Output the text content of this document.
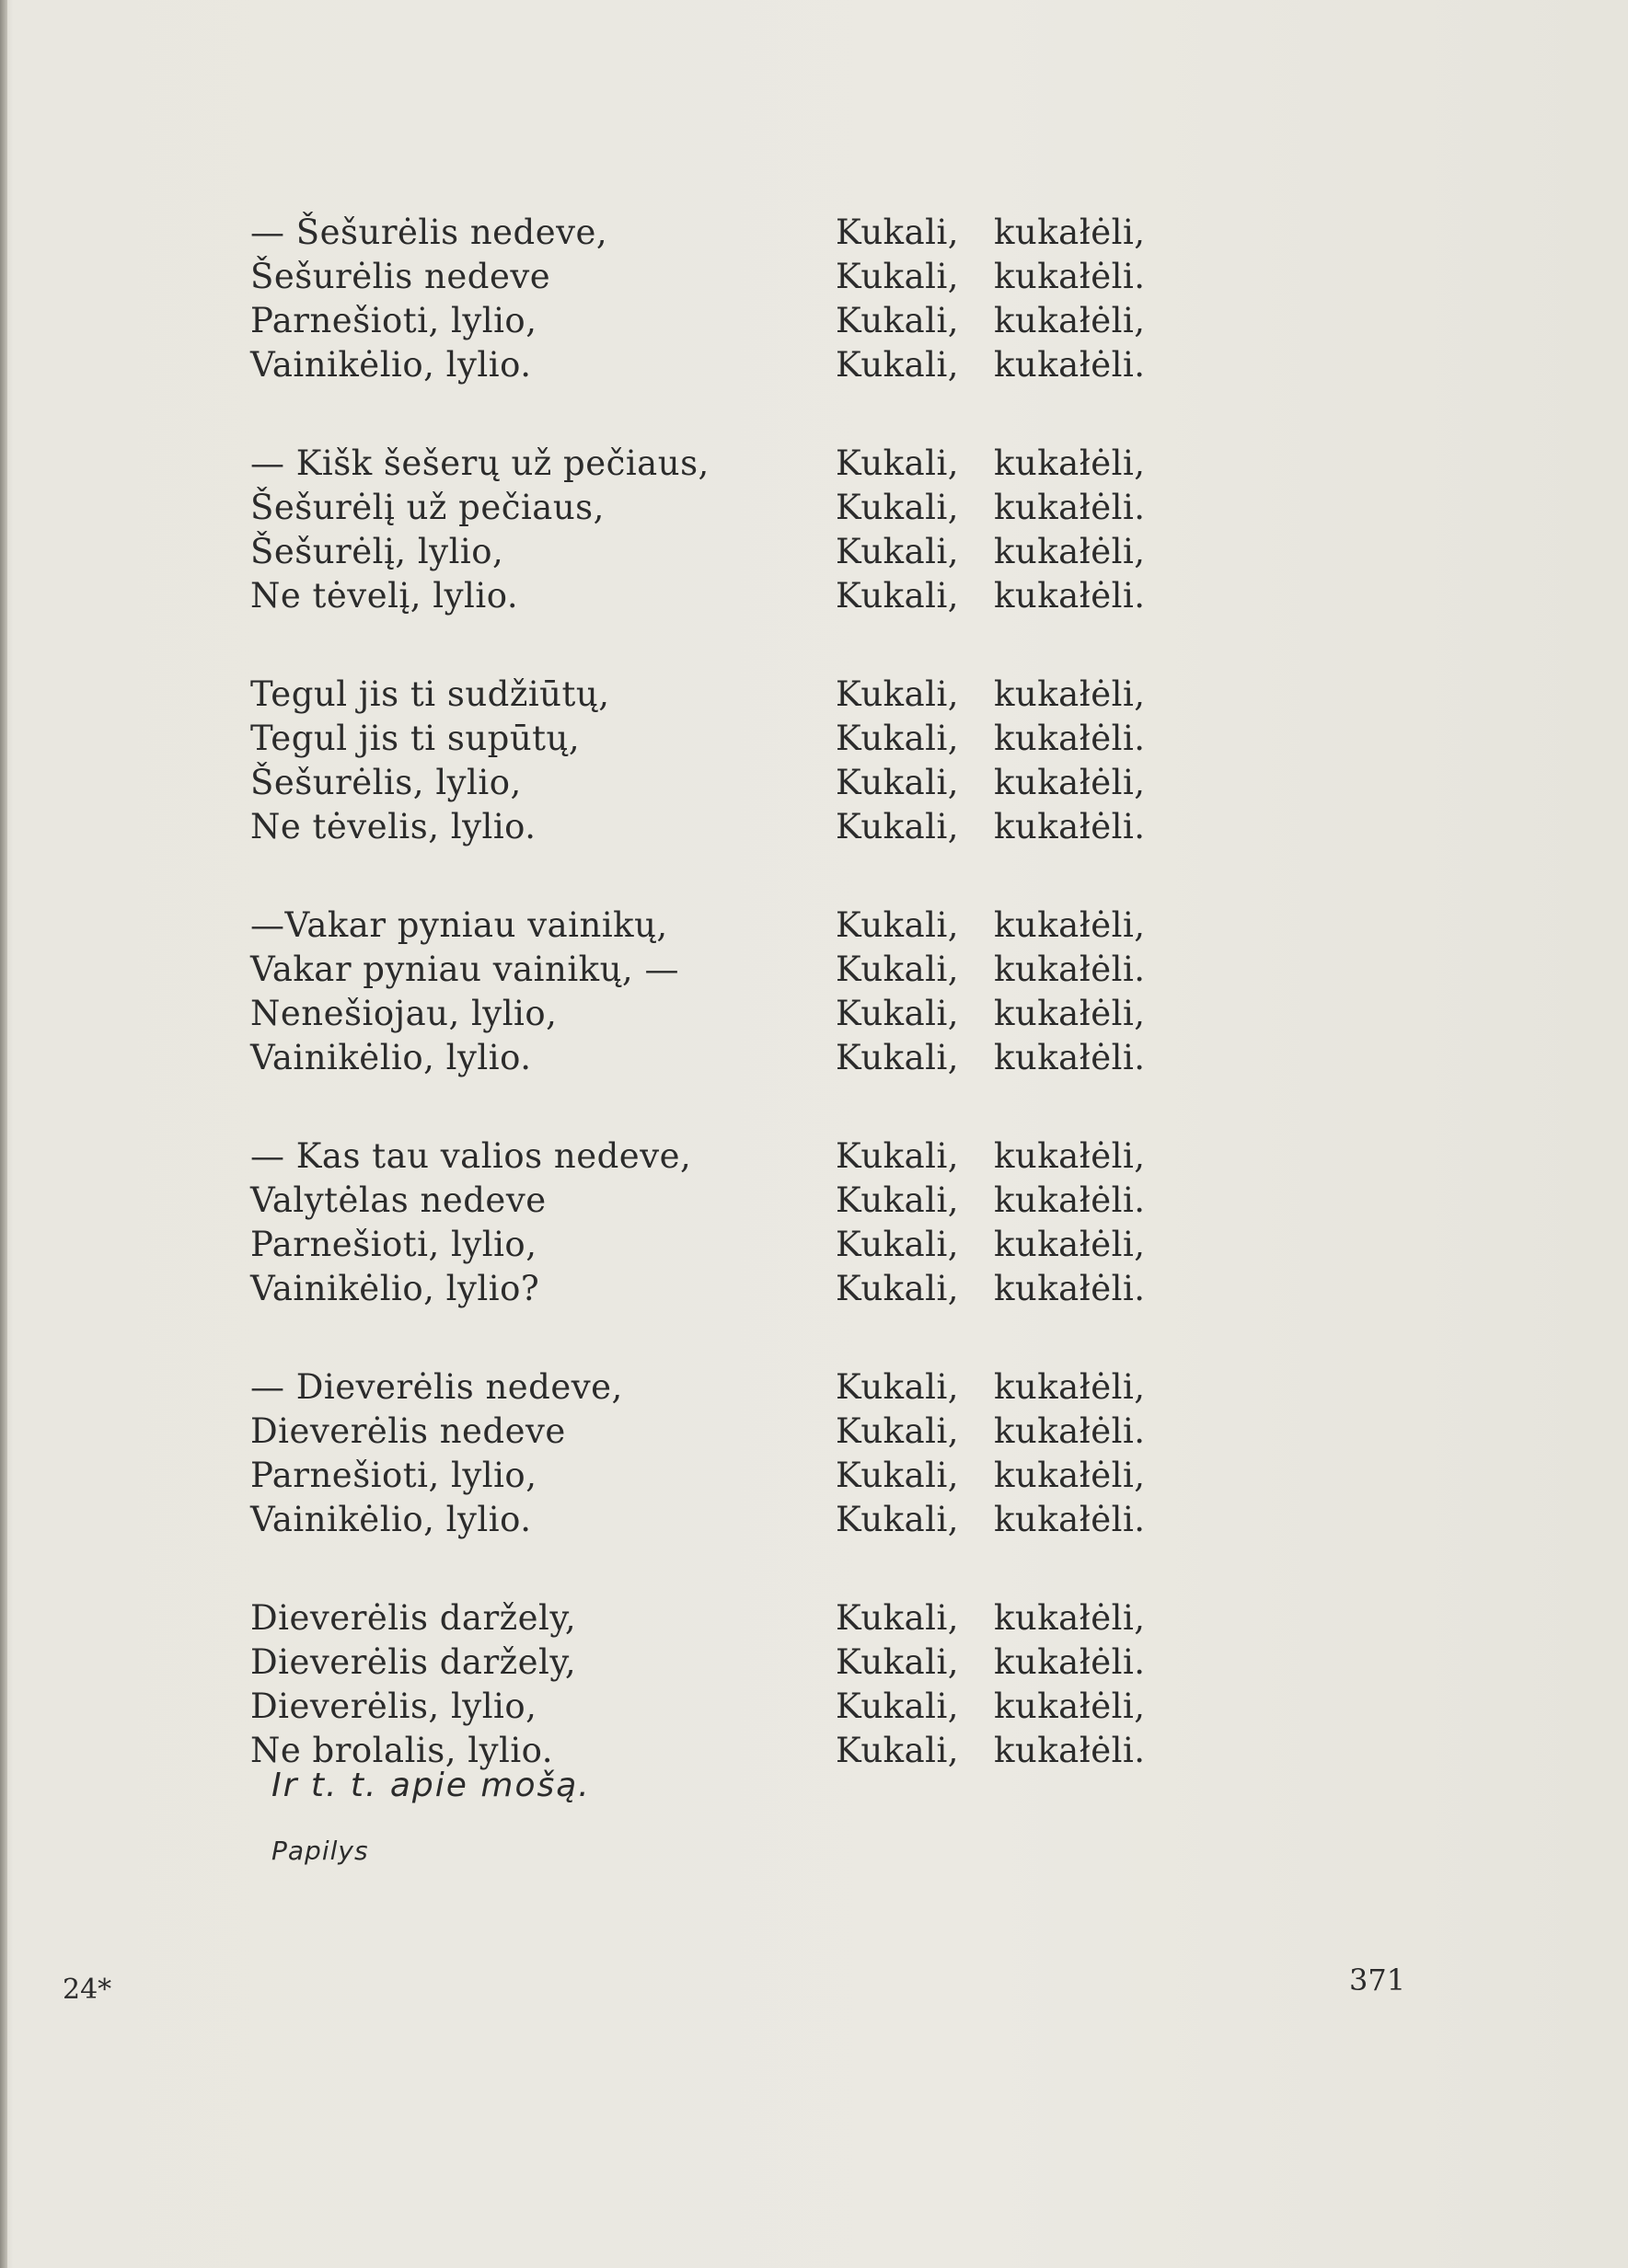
— Šešurėlis nedeve,	Kukali,	kukałėli,
Šešurėlis nedeve	Kukali,	kukałėli.
Parnešioti, lylio,	Kukali,	kukałėli,
Vainikėlio, lylio.	Kukali,	kukałėli.
— Kišk šešerų už pečiaus,	Kukali,	kukałėli,
Šešurėlį už pečiaus,	Kukali,	kukałėli.
Šešurėlį, lylio,	Kukali,	kukałėli,
Ne tėvelį, lylio.	Kukali,	kukałėli.
Tegul jis ti sudžiūtų,	Kukali,	kukałėli,
Tegul jis ti supūtų,	Kukali,	kukałėli.
Šešurėlis, lylio,	Kukali,	kukałėli,
Ne tėvelis, lylio.	Kukali,	kukałėli.
—Vakar pyniau vainikų,	Kukali,	kukałėli,
Vakar pyniau vainikų, —	Kukali,	kukałėli.
Nenešiojau, lylio,	Kukali,	kukałėli,
Vainikėlio, lylio.	Kukali,	kukałėli.
— Kas tau valios nedeve,	Kukali,	kukałėli,
Valytėlas nedeve	Kukali,	kukałėli.
Parnešioti, lylio,	Kukali,	kukałėli,
Vainikėlio, lylio?	Kukali,	kukałėli.
— Dieverėlis nedeve,	Kukali,	kukałėli,
Dieverėlis nedeve	Kukali,	kukałėli.
Parnešioti, lylio,	Kukali,	kukałėli,
Vainikėlio, lylio.	Kukali,	kukałėli.
Dieverėlis daržely,	Kukali,	kukałėli,
Dieverėlis daržely,	Kukali,	kukałėli.
Dieverėlis, lylio,	Kukali,	kukałėli,
Ne brolalis, lylio.	Kukali,	kukałėli.
Ir t. t. apie mošą.
Papilys
24*	371
